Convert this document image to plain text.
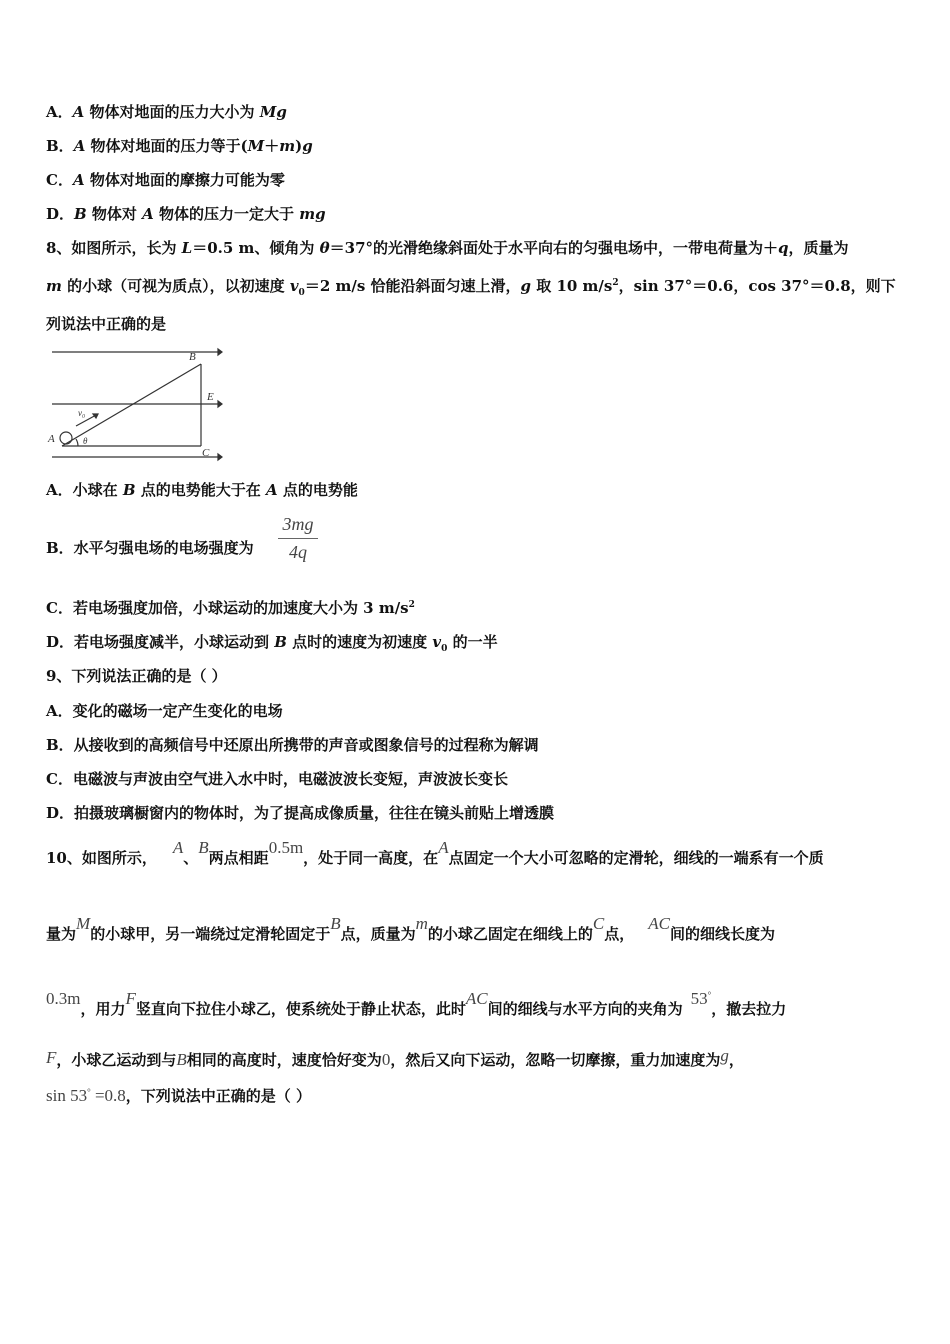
A．A 物体对地面的压力大小为 Mg
B．A 物体对地面的压力等于(M＋m)g
C．A 物体对地面的摩擦力可能为零
D．B 物体对 A 物体的压力一定大于 mg
8、如图所示，长为 L＝0.5 m、倾角为 θ＝37°的光滑绝缘斜面处于水平向右的匀强电场中，一带电荷量为＋q，质量为
m 的小球（可视为质点），以初速度 $v_0=2$ m/s 恰能沿斜面匀速上滑，g 取 10 $m/s^2$，sin 37°＝0.6，cos 37°＝0.8，则下
列说法中正确的是
B
E
A
C
θ
v₀
A．小球在 B 点的电势能大于在 A 点的电势能
B．水平匀强电场的电场强度为 $\frac{3mg}{4q}$
C．若电场强度加倍，小球运动的加速度大小为 3 $m/s^2$
D．若电场强度减半，小球运动到 B 点时的速度为初速度 $v_0$ 的一半
9、下列说法正确的是（ ）
A．变化的磁场一定产生变化的电场
B．从接收到的高频信号中还原出所携带的声音或图象信号的过程称为解调
C．电磁波与声波由空气进入水中时，电磁波波长变短，声波波长变长
D．拍摄玻璃橱窗内的物体时，为了提高成像质量，往往在镜头前贴上增透膜
10、如图所示，A、B两点相距0.5m，处于同一高度，在A点固定一个大小可忽略的定滑轮，细线的一端系有一个质
量为M的小球甲，另一端绕过定滑轮固定于B点，质量为m的小球乙固定在细线上的C点，AC间的细线长度为
0.3m，用力F竖直向下拉住小球乙，使系统处于静止状态，此时AC间的细线与水平方向的夹角为53°，撤去拉力
F，小球乙运动到与B相同的高度时，速度恰好变为0，然后又向下运动，忽略一切摩擦，重力加速度为g，
sin 53° =0.8，下列说法中正确的是（ ）
